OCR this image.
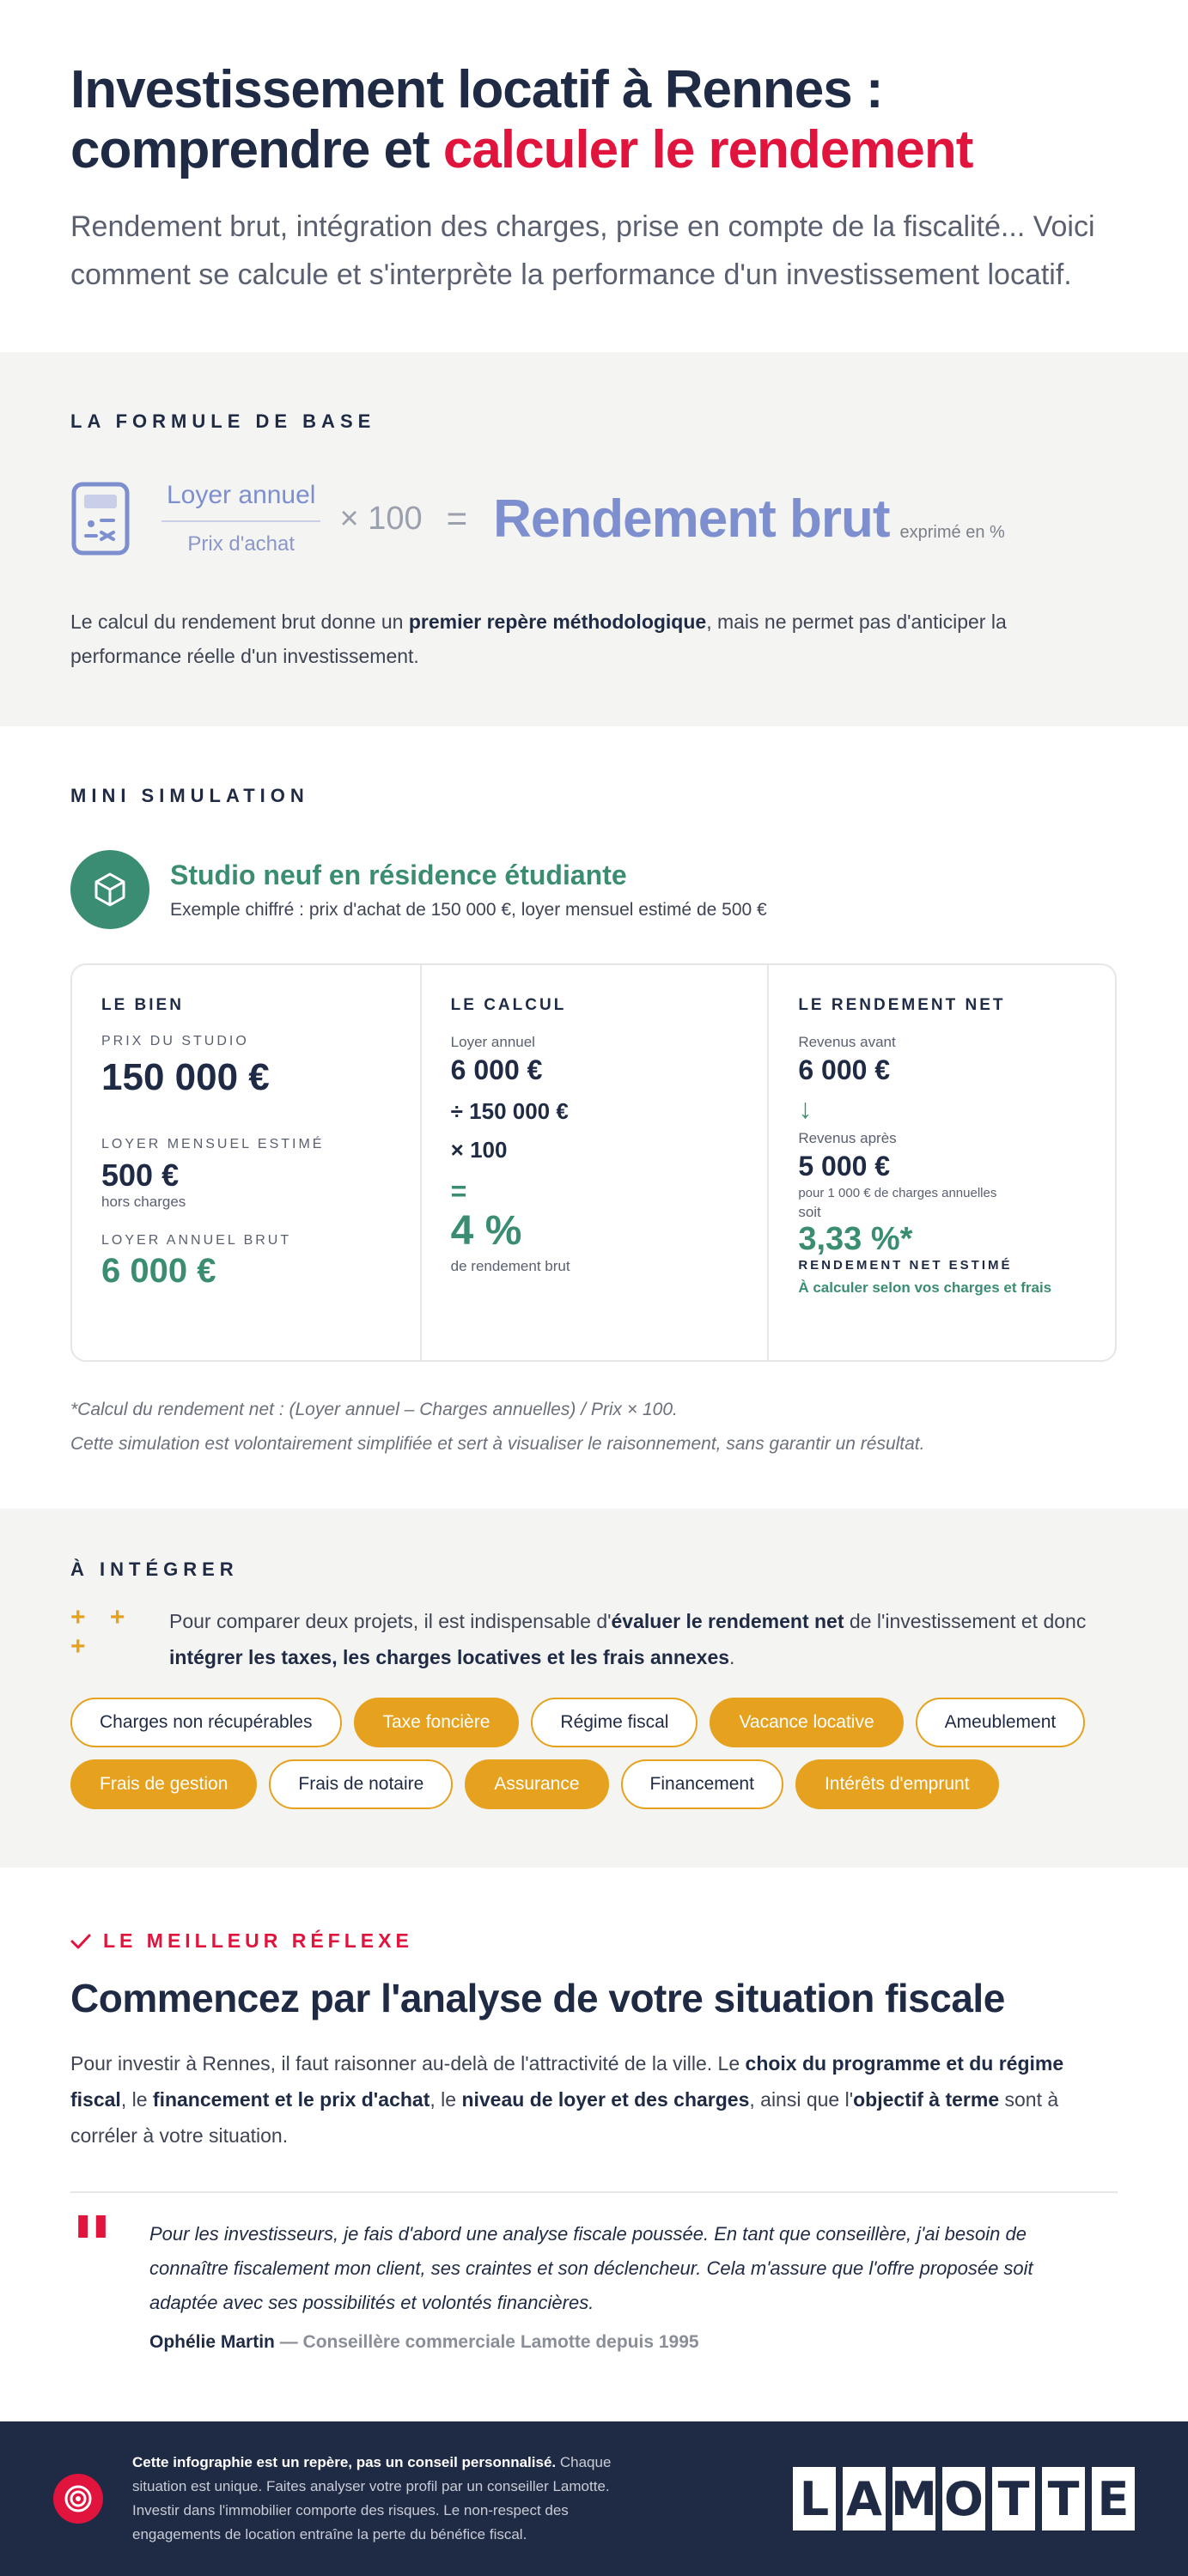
Investissement locatif à Rennes :
comprendre et calculer le rendement

Rendement brut, intégration des charges, prise en compte de la fiscalité... Voici comment se calcule et s'interprète la performance d'un investissement locatif.

LA FORMULE DE BASE
$\frac{\text{Loyer annuel}}{\text{Prix d'achat}} \times 100$ = Rendement brut exprimé en %

Le calcul du rendement brut donne un premier repère méthodologique, mais ne permet pas d'anticiper la performance réelle d'un investissement.

MINI SIMULATION
Studio neuf en résidence étudiante
Exemple chiffré : prix d'achat de 150 000 €, loyer mensuel estimé de 500 €
LE BIEN
PRIX DU STUDIO
150 000 €
LOYER MENSUEL ESTIMÉ
500 €
hors charges
LOYER ANNUEL BRUT
6 000 €
LE CALCUL
Loyer annuel
6 000 €
÷ 150 000 €
× 100
=
4 %
de rendement brut
LE RENDEMENT NET
Revenus avant
6 000 €
↓
Revenus après
5 000 €
pour 1 000 € de charges annuelles
soit
3,33 %*
RENDEMENT NET ESTIMÉ
À calculer selon vos charges et frais
*Calcul du rendement net : (Loyer annuel – Charges annuelles) / Prix × 100.
Cette simulation est volontairement simplifiée et sert à visualiser le raisonnement, sans garantir un résultat.
À INTÉGRER
+ + +

Pour comparer deux projets, il est indispensable d'évaluer le rendement net de l'investissement et donc intégrer les taxes, les charges locatives et les frais annexes.

Charges non récupérables	Taxe foncière	Régime fiscal	Vacance locative	Ameublement
Frais de gestion	Frais de notaire	Assurance	Financement	Intérêts d'emprunt
LE MEILLEUR RÉFLEXE
Commencez par l'analyse de votre situation fiscale

Pour investir à Rennes, il faut raisonner au-delà de l'attractivité de la ville. Le choix du programme et du régime fiscal, le financement et le prix d'achat, le niveau de loyer et des charges, ainsi que l'objectif à terme sont à corréler à votre situation.

"	Pour les investisseurs, je fais d'abord une analyse fiscale poussée. En tant que conseillère, j'ai besoin de connaître fiscalement mon client, ses craintes et son déclencheur. Cela m'assure que l'offre proposée soit adaptée avec ses possibilités et volontés financières.

Ophélie Martin — Conseillère commerciale Lamotte depuis 1995

Cette infographie est un repère, pas un conseil personnalisé. Chaque situation est unique. Faites analyser votre profil par un conseiller Lamotte. Investir dans l'immobilier comporte des risques. Le non-respect des engagements de location entraîne la perte du bénéfice fiscal.

L A M O T T E
